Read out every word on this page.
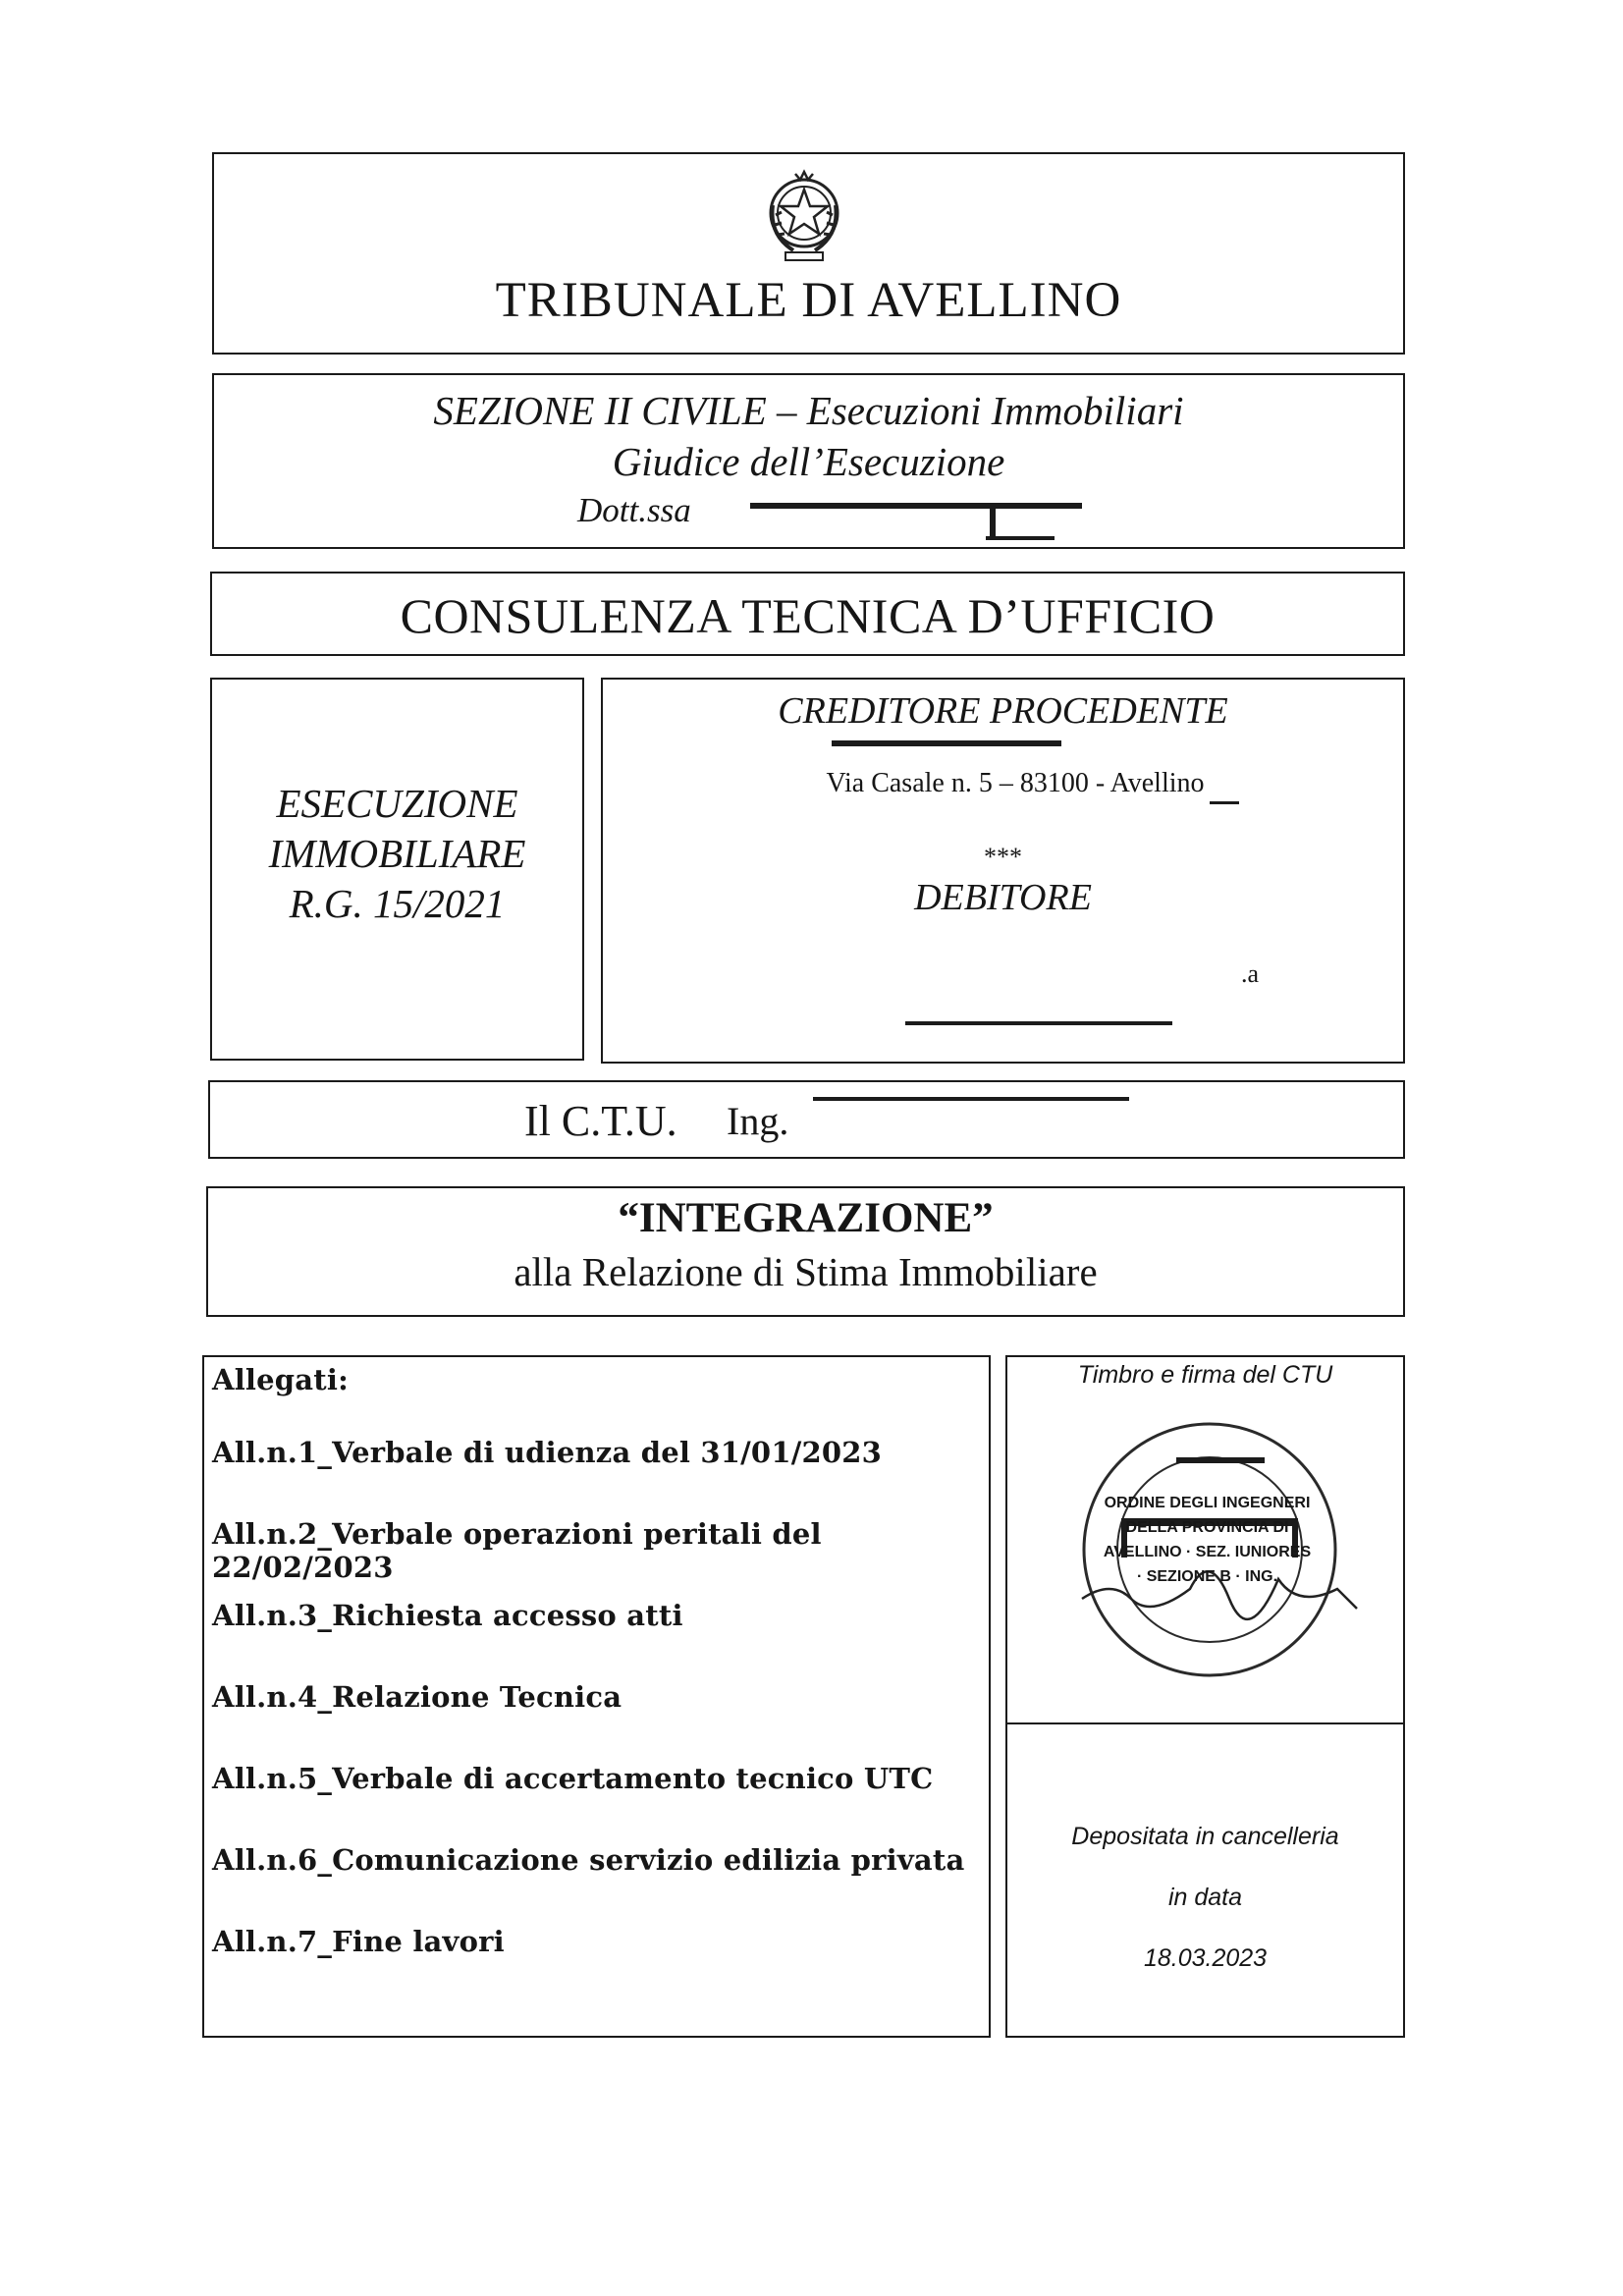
TRIBUNALE DI AVELLINO
SEZIONE II CIVILE – Esecuzioni Immobiliari
Giudice dell’Esecuzione
Dott.ssa
CONSULENZA TECNICA D’UFFICIO
ESECUZIONE
IMMOBILIARE
R.G. 15/2021
CREDITORE PROCEDENTE
Via Casale n. 5 – 83100 - Avellino
***
DEBITORE
.a
Il C.T.U. Ing.
“INTEGRAZIONE”
alla Relazione di Stima Immobiliare
Allegati:
All.n.1_Verbale di udienza del 31/01/2023
All.n.2_Verbale operazioni peritali del 22/02/2023
All.n.3_Richiesta accesso atti
All.n.4_Relazione Tecnica
All.n.5_Verbale di accertamento tecnico UTC
All.n.6_Comunicazione servizio edilizia privata
All.n.7_Fine lavori
Timbro e firma del CTU
ORDINE DEGLI INGEGNERI DELLA PROVINCIA DI AVELLINO · SEZ. IUNIORES · SEZIONE B · ING.
Depositata in cancelleria
in data
18.03.2023
